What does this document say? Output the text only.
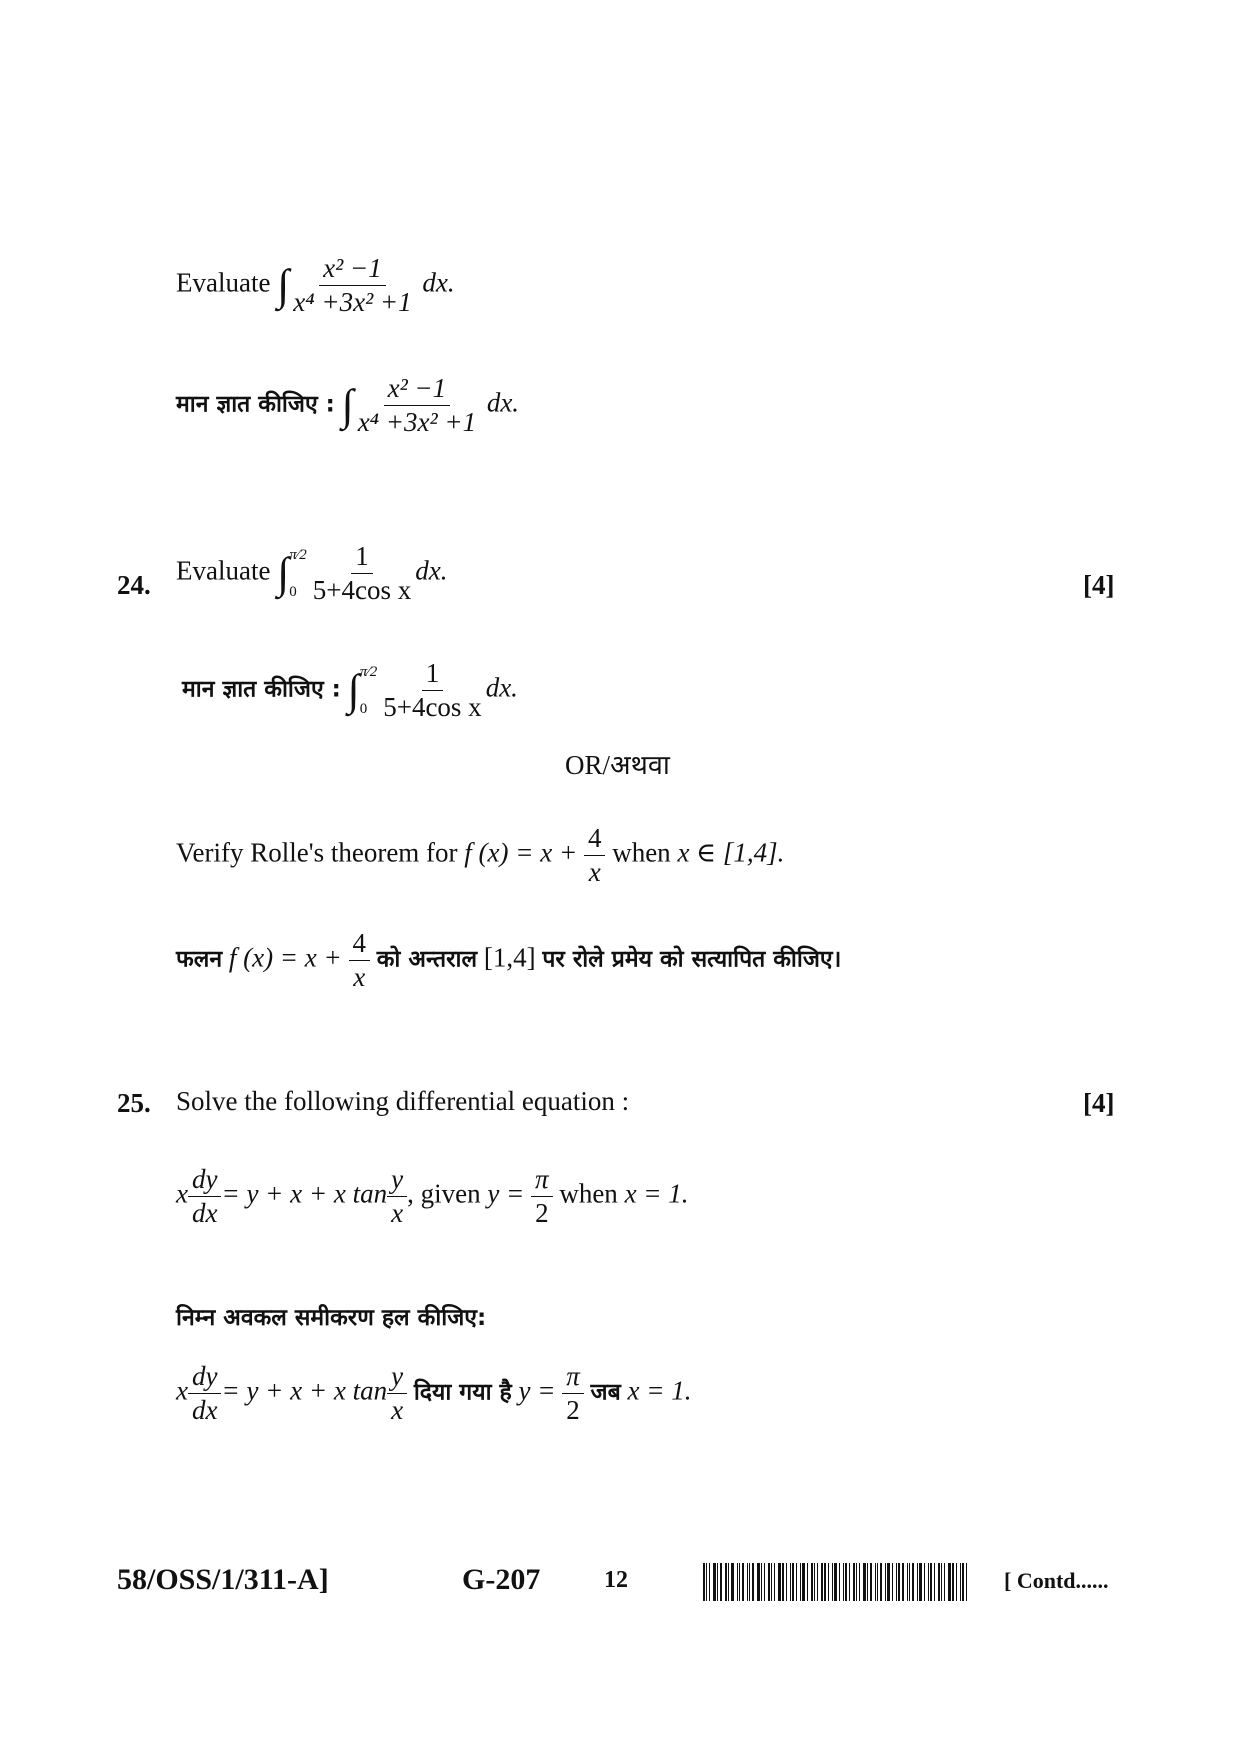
Evaluate ∫ $\frac{\text{x² −1}}{\text{x⁴ +3x² +1}}$ dx.
मान ज्ञात कीजिए : ∫ $\frac{\text{x² −1}}{\text{x⁴ +3x² +1}}$ dx.
24.	[4]
Evaluate ∫ π⁄2
$0 \frac{1}{\text{5+4cos x}}$ dx.
मान ज्ञात कीजिए : ∫ π⁄2
$0 \frac{1}{\text{5+4cos x}}$ dx.
OR/अथवा
Verify Rolle's theorem for f $(x) = x + \frac{4}{x}$ when x ∈ [1,4].
फलन f $(x) = x + \frac{4}{x}$ को अन्तराल [1,4] पर रोले प्रमेय को सत्यापित कीजिए।
25.	[4]
Solve the following differential equation :
x $\frac{dy}{dx} = y + x + x$ $\tan \frac{y}{x}$ , given $y = \frac{\pi}{2}$ when x = 1.
निम्न अवकल समीकरण हल कीजिए:
x $\frac{dy}{dx} = y + x + x$ $\tan \frac{y}{x}$ दिया गया है $y = \frac{\pi}{2}$ जब x = 1.
58/OSS/1/311-A]	G-207	12	[ Contd......
